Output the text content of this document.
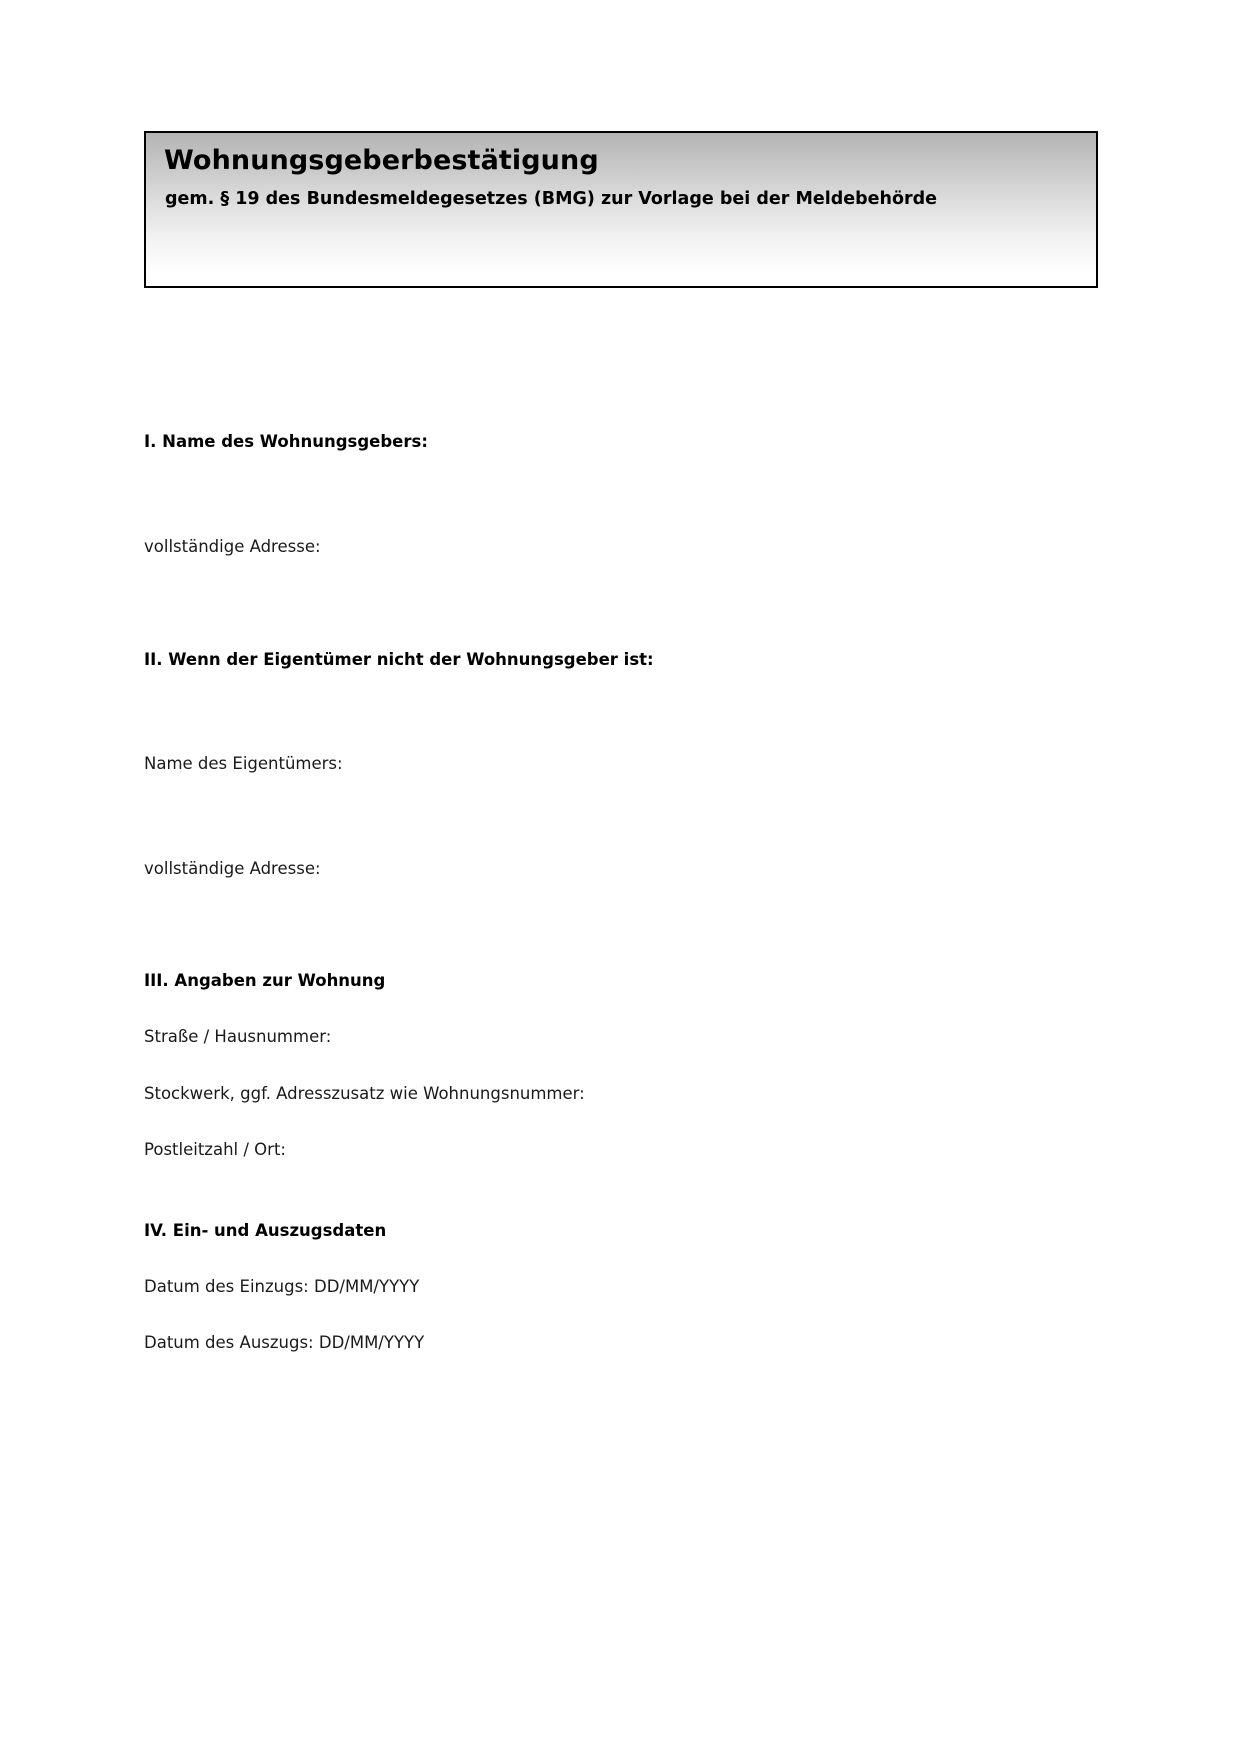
Wohnungsgeberbestätigung
gem. § 19 des Bundesmeldegesetzes (BMG) zur Vorlage bei der Meldebehörde
I. Name des Wohnungsgebers:
vollständige Adresse:
II. Wenn der Eigentümer nicht der Wohnungsgeber ist:
Name des Eigentümers:
vollständige Adresse:
III. Angaben zur Wohnung
Straße / Hausnummer:
Stockwerk, ggf. Adresszusatz wie Wohnungsnummer:
Postleitzahl / Ort:
IV. Ein- und Auszugsdaten
Datum des Einzugs: DD/MM/YYYY
Datum des Auszugs: DD/MM/YYYY
